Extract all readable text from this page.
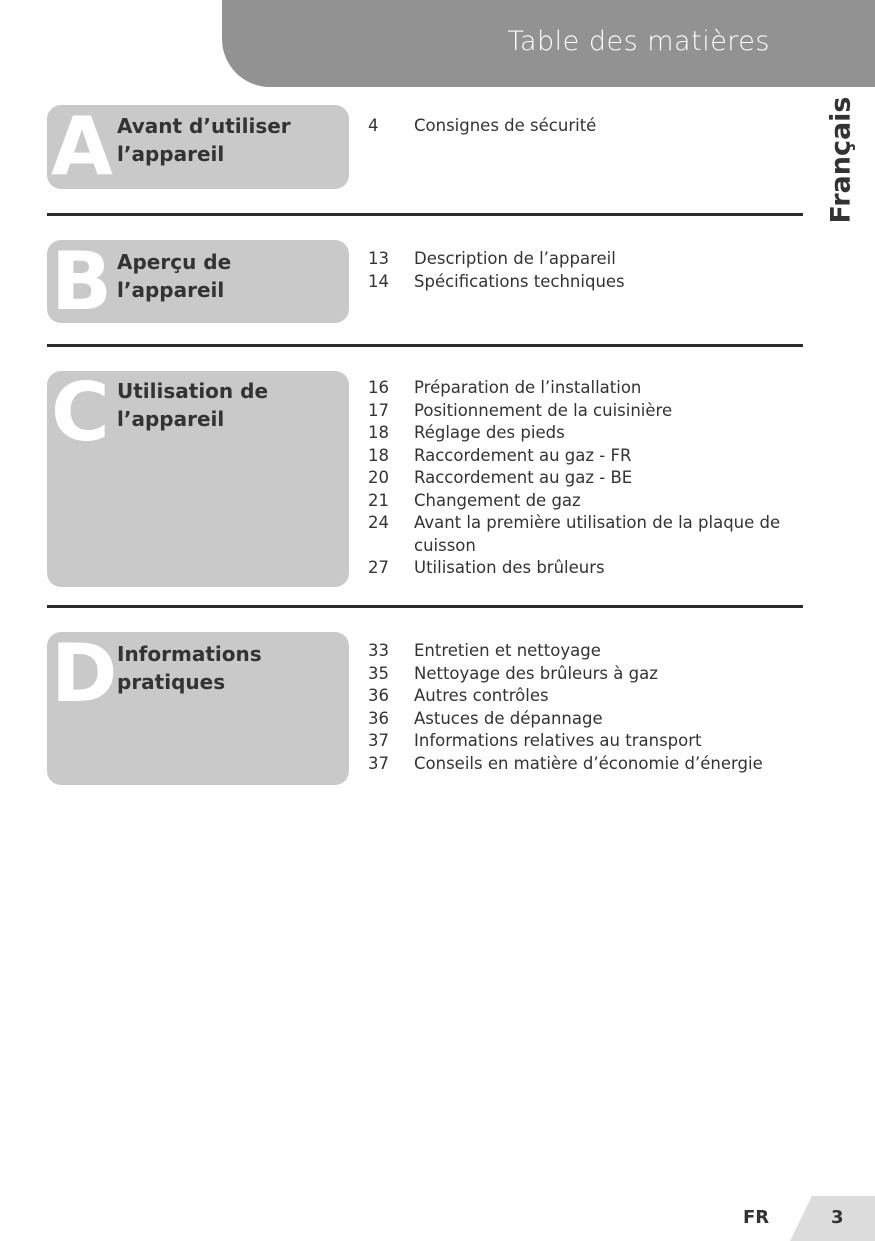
Table des matières
Français
A Avant d’utiliser
l’appareil
4	Consignes de sécurité
B Aperçu de
l’appareil
13	Description de l’appareil
14	Spécifications techniques
C Utilisation de
l’appareil
16	Préparation de l’installation
17	Positionnement de la cuisinière
18	Réglage des pieds
18	Raccordement au gaz - FR
20	Raccordement au gaz - BE
21	Changement de gaz
24	Avant la première utilisation de la plaque de cuisson
27	Utilisation des brûleurs
D Informations
pratiques
33	Entretien et nettoyage
35	Nettoyage des brûleurs à gaz
36	Autres contrôles
36	Astuces de dépannage
37	Informations relatives au transport
37	Conseils en matière d’économie d’énergie
FR	3
